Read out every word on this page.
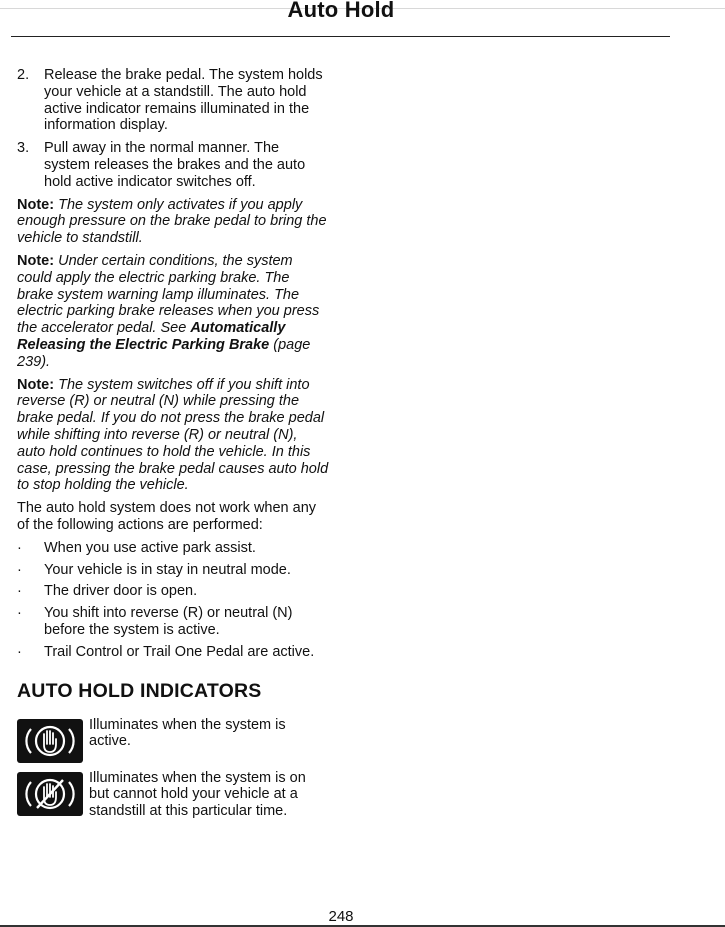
Auto Hold
2. Release the brake pedal. The system holds your vehicle at a standstill. The auto hold active indicator remains illuminated in the information display.
3. Pull away in the normal manner. The system releases the brakes and the auto hold active indicator switches off.

Note: The system only activates if you apply enough pressure on the brake pedal to bring the vehicle to standstill.

Note: Under certain conditions, the system could apply the electric parking brake. The brake system warning lamp illuminates. The electric parking brake releases when you press the accelerator pedal. See Automatically Releasing the Electric Parking Brake (page 239).

Note: The system switches off if you shift into reverse (R) or neutral (N) while pressing the brake pedal. If you do not press the brake pedal while shifting into reverse (R) or neutral (N), auto hold continues to hold the vehicle. In this case, pressing the brake pedal causes auto hold to stop holding the vehicle.

The auto hold system does not work when any of the following actions are performed:

· When you use active park assist.
· Your vehicle is in stay in neutral mode.
· The driver door is open.
· You shift into reverse (R) or neutral (N) before the system is active.
· Trail Control or Trail One Pedal are active.
AUTO HOLD INDICATORS
Illuminates when the system is active.
Illuminates when the system is on but cannot hold your vehicle at a standstill at this particular time.
248
